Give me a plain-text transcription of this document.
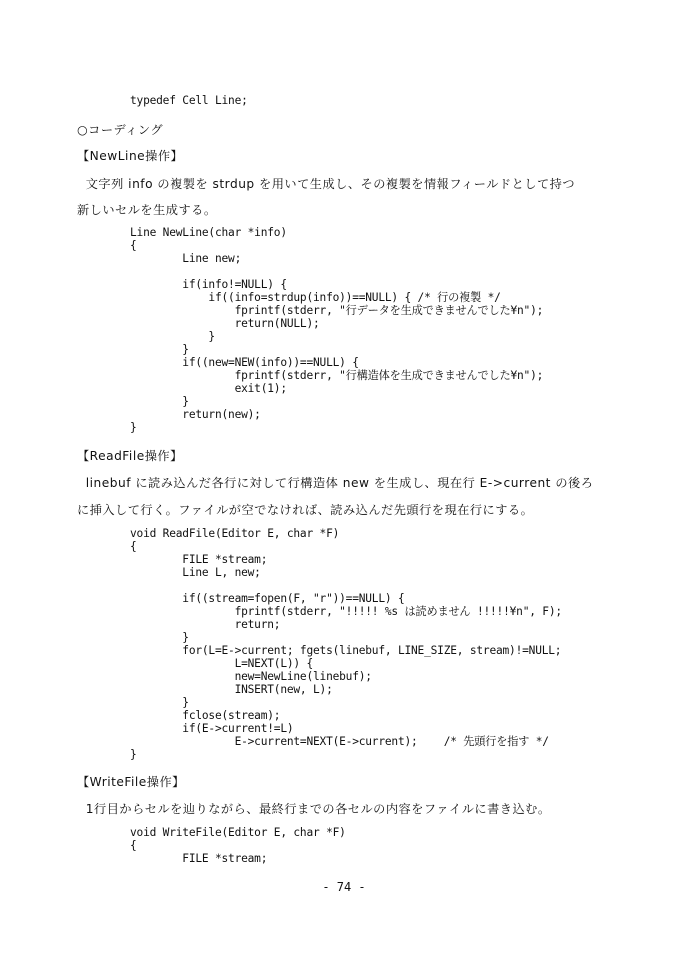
typedef Cell Line;
○コーディング
【NewLine操作】
文字列 info の複製を strdup を用いて生成し、その複製を情報フィールドとして持つ
新しいセルを生成する。
Line NewLine(char *info)
{
Line new;
if(info!=NULL) {
if((info=strdup(info))==NULL) { /* 行の複製 */
fprintf(stderr, "行データを生成できませんでした¥n");
return(NULL);
}
}
if((new=NEW(info))==NULL) {
fprintf(stderr, "行構造体を生成できませんでした¥n");
exit(1);
}
return(new);
}
【ReadFile操作】
linebuf に読み込んだ各行に対して行構造体 new を生成し、現在行 E->current の後ろ
に挿入して行く。ファイルが空でなければ、読み込んだ先頭行を現在行にする。
void ReadFile(Editor E, char *F)
{
FILE *stream;
Line L, new;
if((stream=fopen(F, "r"))==NULL) {
fprintf(stderr, "!!!!! %s は読めません !!!!!¥n", F);
return;
}
for(L=E->current; fgets(linebuf, LINE_SIZE, stream)!=NULL;
L=NEXT(L)) {
new=NewLine(linebuf);
INSERT(new, L);
}
fclose(stream);
if(E->current!=L)
E->current=NEXT(E->current);    /* 先頭行を指す */
}
【WriteFile操作】
1行目からセルを辿りながら、最終行までの各セルの内容をファイルに書き込む。
void WriteFile(Editor E, char *F)
{
FILE *stream;
- 74 -
